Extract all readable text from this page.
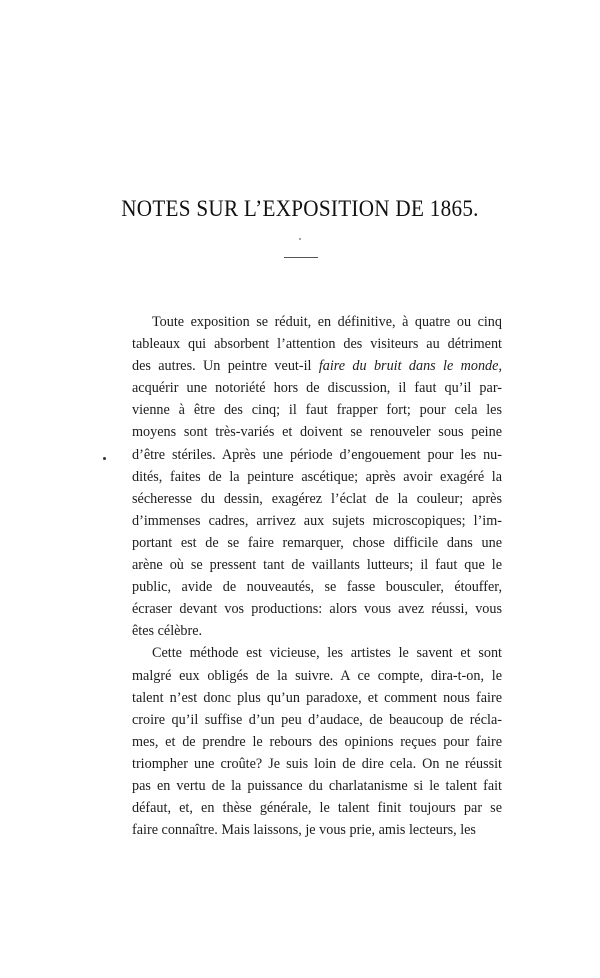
NOTES SUR L’EXPOSITION DE 1865.
Toute exposition se réduit, en définitive, à quatre ou cinq
tableaux qui absorbent l’attention des visiteurs au détriment
des autres. Un peintre veut-il faire du bruit dans le monde,
acquérir une notoriété hors de discussion, il faut qu’il par-
vienne à être des cinq; il faut frapper fort; pour cela les
moyens sont très-variés et doivent se renouveler sous peine
d’être stériles. Après une période d’engouement pour les nu-
dités, faites de la peinture ascétique; après avoir exagéré la
sécheresse du dessin, exagérez l’éclat de la couleur; après
d’immenses cadres, arrivez aux sujets microscopiques; l’im-
portant est de se faire remarquer, chose difficile dans une
arène où se pressent tant de vaillants lutteurs; il faut que le
public, avide de nouveautés, se fasse bousculer, étouffer,
écraser devant vos productions: alors vous avez réussi, vous
êtes célèbre.
Cette méthode est vicieuse, les artistes le savent et sont
malgré eux obligés de la suivre. A ce compte, dira-t-on, le
talent n’est donc plus qu’un paradoxe, et comment nous faire
croire qu’il suffise d’un peu d’audace, de beaucoup de récla-
mes, et de prendre le rebours des opinions reçues pour faire
triompher une croûte? Je suis loin de dire cela. On ne réussit
pas en vertu de la puissance du charlatanisme si le talent fait
défaut, et, en thèse générale, le talent finit toujours par se
faire connaître. Mais laissons, je vous prie, amis lecteurs, les
